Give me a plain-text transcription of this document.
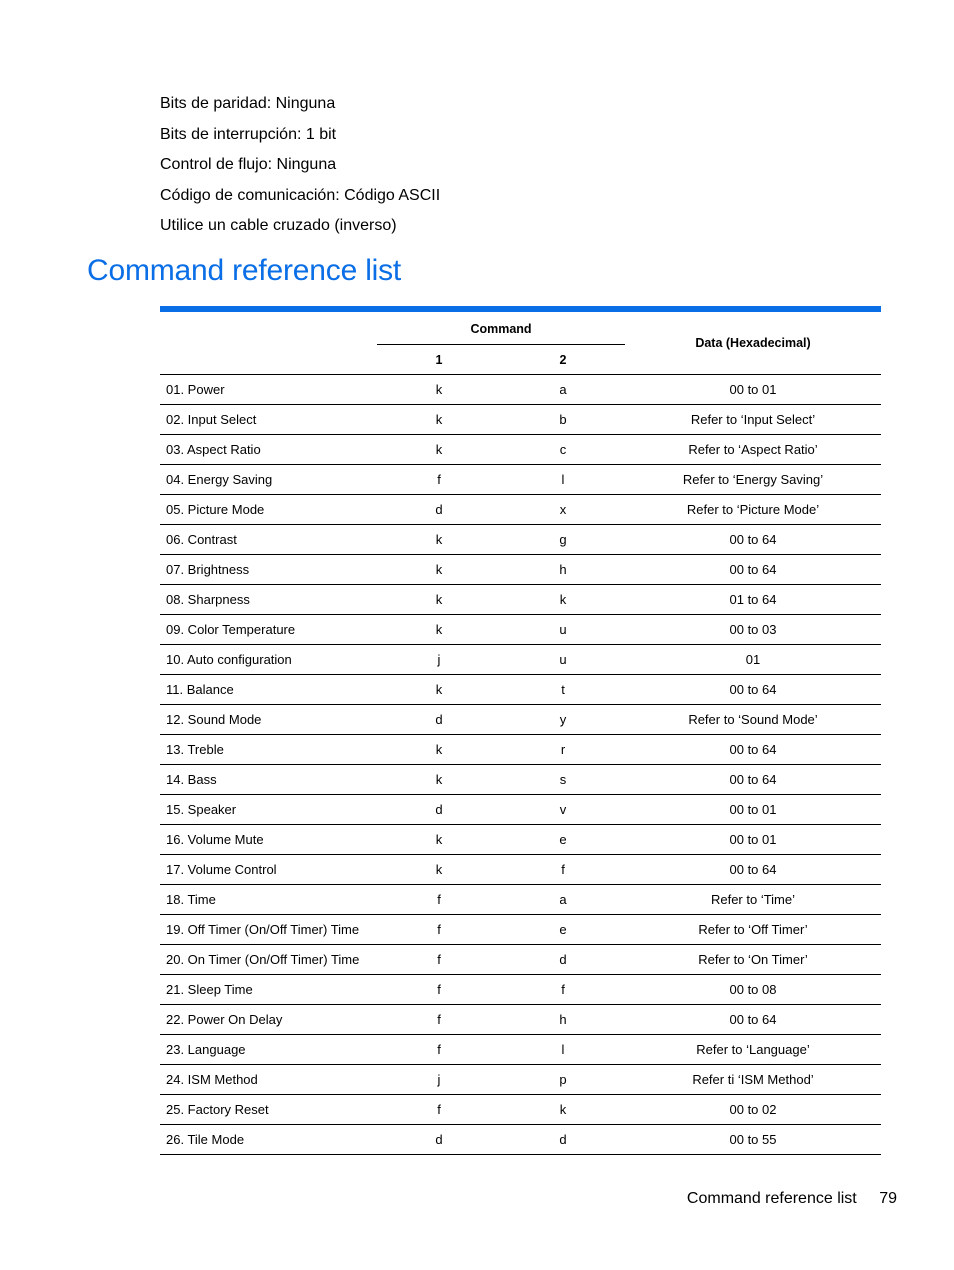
Bits de paridad: Ninguna
Bits de interrupción: 1 bit
Control de flujo: Ninguna
Código de comunicación: Código ASCII
Utilice un cable cruzado (inverso)
Command reference list
	Command		Data (Hexadecimal)
	1	2	
01. Power	k	a	00 to 01
02. Input Select	k	b	Refer to ‘Input Select’
03. Aspect Ratio	k	c	Refer to ‘Aspect Ratio’
04. Energy Saving	f	l	Refer to ‘Energy Saving’
05. Picture Mode	d	x	Refer to ‘Picture Mode’
06. Contrast	k	g	00 to 64
07. Brightness	k	h	00 to 64
08. Sharpness	k	k	01 to 64
09. Color Temperature	k	u	00 to 03
10. Auto configuration	j	u	01
11. Balance	k	t	00 to 64
12. Sound Mode	d	y	Refer to ‘Sound Mode’
13. Treble	k	r	00 to 64
14. Bass	k	s	00 to 64
15. Speaker	d	v	00 to 01
16. Volume Mute	k	e	00 to 01
17. Volume Control	k	f	00 to 64
18. Time	f	a	Refer to ‘Time’
19. Off Timer (On/Off Timer) Time	f	e	Refer to ‘Off Timer’
20. On Timer (On/Off Timer) Time	f	d	Refer to ‘On Timer’
21. Sleep Time	f	f	00 to 08
22. Power On Delay	f	h	00 to 64
23. Language	f	l	Refer to ‘Language’
24. ISM Method	j	p	Refer ti ‘ISM Method’
25. Factory Reset	f	k	00 to 02
26. Tile Mode	d	d	00 to 55
Command reference list 79
